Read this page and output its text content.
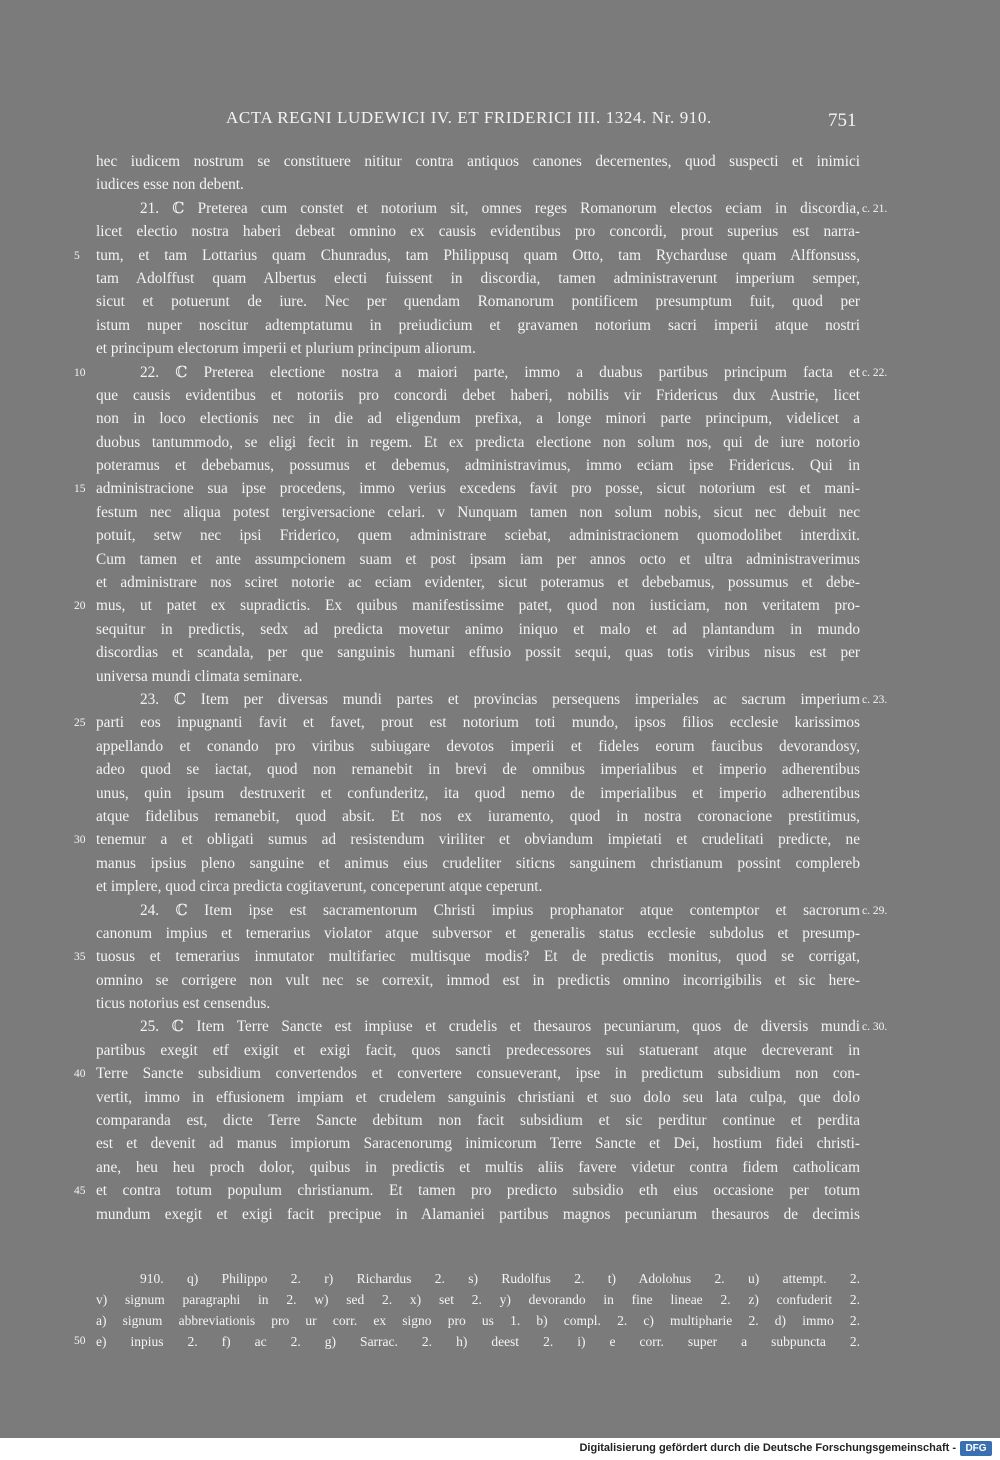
ACTA REGNI LUDEWICI IV. ET FRIDERICI III. 1324. Nr. 910.	751
hec iudicem nostrum se constituere nititur contra antiquos canones decernentes, quod suspecti et inimici
iudices esse non debent.
21. ℂ Preterea cum constet et notorium sit, omnes reges Romanorum electos eciam in discordia, c. 21.
licet electio nostra haberi debeat omnino ex causis evidentibus pro concordi, prout superius est narra-
tum, et tam Lottarius quam Chunradus, tam Philippusq quam Otto, tam Rycharduse quam Alffonsuss,
5
tam Adolffust quam Albertus electi fuissent in discordia, tamen administraverunt imperium semper,
sicut et potuerunt de iure. Nec per quendam Romanorum pontificem presumptum fuit, quod per
istum nuper noscitur adtemptatumu in preiudicium et gravamen notorium sacri imperii atque nostri
et principum electorum imperii et plurium principum aliorum.
22. ℂ Preterea electione nostra a maiori parte, immo a duabus partibus principum facta et
10	c. 22.
que causis evidentibus et notoriis pro concordi debet haberi, nobilis vir Fridericus dux Austrie, licet
non in loco electionis nec in die ad eligendum prefixa, a longe minori parte principum, videlicet a
duobus tantummodo, se eligi fecit in regem. Et ex predicta electione non solum nos, qui de iure notorio
poteramus et debebamus, possumus et debemus, administravimus, immo eciam ipse Fridericus. Qui in
administracione sua ipse procedens, immo verius excedens favit pro posse, sicut notorium est et mani-
15
festum nec aliqua potest tergiversacione celari. v Nunquam tamen non solum nobis, sicut nec debuit nec
potuit, setw nec ipsi Friderico, quem administrare sciebat, administracionem quomodolibet interdixit.
Cum tamen et ante assumpcionem suam et post ipsam iam per annos octo et ultra administraverimus
et administrare nos sciret notorie ac eciam evidenter, sicut poteramus et debebamus, possumus et debe-
mus, ut patet ex supradictis. Ex quibus manifestissime patet, quod non iusticiam, non veritatem pro-
20
sequitur in predictis, sedx ad predicta movetur animo iniquo et malo et ad plantandum in mundo
discordias et scandala, per que sanguinis humani effusio possit sequi, quas totis viribus nisus est per
universa mundi climata seminare.
23. ℂ Item per diversas mundi partes et provincias persequens imperiales ac sacrum imperium c. 23.
parti eos inpugnanti favit et favet, prout est notorium toti mundo, ipsos filios ecclesie karissimos
25
appellando et conando pro viribus subiugare devotos imperii et fideles eorum faucibus devorandosy,
adeo quod se iactat, quod non remanebit in brevi de omnibus imperialibus et imperio adherentibus
unus, quin ipsum destruxerit et confunderitz, ita quod nemo de imperialibus et imperio adherentibus
atque fidelibus remanebit, quod absit. Et nos ex iuramento, quod in nostra coronacione prestitimus,
tenemur a et obligati sumus ad resistendum viriliter et obviandum impietati et crudelitati predicte, ne
30
manus ipsius pleno sanguine et animus eius crudeliter siticns sanguinem christianum possint complereb
et implere, quod circa predicta cogitaverunt, conceperunt atque ceperunt.
24. ℂ Item ipse est sacramentorum Christi impius prophanator atque contemptor et sacrorum c. 29.
canonum impius et temerarius violator atque subversor et generalis status ecclesie subdolus et presump-
tuosus et temerarius inmutator multifariec multisque modis? Et de predictis monitus, quod se corrigat,
35
omnino se corrigere non vult nec se correxit, immod est in predictis omnino incorrigibilis et sic here-
ticus notorius est censendus.
25. ℂ Item Terre Sancte est impiuse et crudelis et thesauros pecuniarum, quos de diversis mundi c. 30.
partibus exegit etf exigit et exigi facit, quos sancti predecessores sui statuerant atque decreverant in
Terre Sancte subsidium convertendos et convertere consueverant, ipse in predictum subsidium non con-
40
vertit, immo in effusionem impiam et crudelem sanguinis christiani et suo dolo seu lata culpa, que dolo
comparanda est, dicte Terre Sancte debitum non facit subsidium et sic perditur continue et perdita
est et devenit ad manus impiorum Saracenorumg inimicorum Terre Sancte et Dei, hostium fidei christi-
ane, heu heu proch dolor, quibus in predictis et multis aliis favere videtur contra fidem catholicam
et contra totum populum christianum. Et tamen pro predicto subsidio eth eius occasione per totum
45
mundum exegit et exigi facit precipue in Alamaniei partibus magnos pecuniarum thesauros de decimis
910. q) Philippo 2. r) Richardus 2. s) Rudolfus 2. t) Adolohus 2. u) attempt. 2.
v) signum paragraphi in 2. w) sed 2. x) set 2. y) devorando in fine lineae 2. z) confuderit 2.
a) signum abbreviationis pro ur corr. ex signo pro us 1. b) compl. 2. c) multipharie 2. d) immo 2.
e) inpius 2. f) ac 2. g) Sarrac. 2. h) deest 2. i) e corr. super a subpuncta 2.
50
Digitalisierung gefördert durch die Deutsche Forschungsgemeinschaft - DFG
